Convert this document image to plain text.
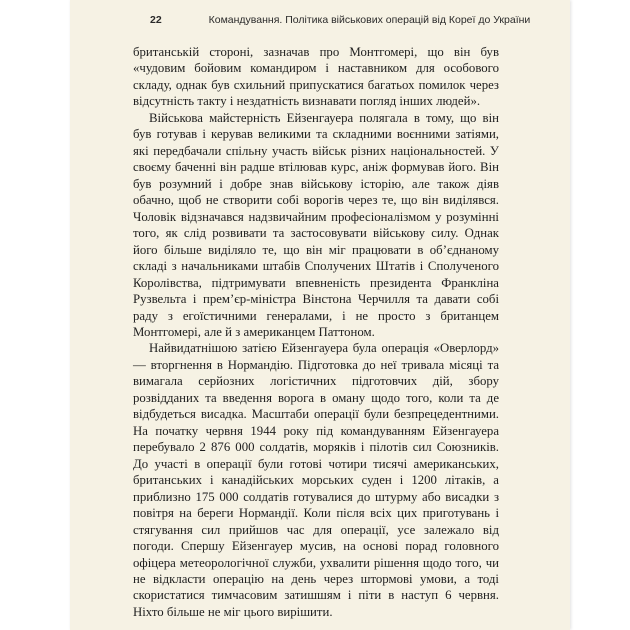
22	Командування. Політика військових операцій від Кореї до України

британській стороні, зазначав про Монтгомері, що він був «чудовим бойовим командиром і наставником для особового складу, однак був схильний припускатися багатьох помилок через відсутність такту і нездатність визнавати погляд інших людей».

Військова майстерність Ейзенгауера полягала в тому, що він був готував і керував великими та складними воєнними затіями, які передбачали спільну участь військ різних національностей. У своєму баченні він радше втілював курс, аніж формував його. Він був розумний і добре знав військову історію, але також діяв обачно, щоб не створити собі ворогів через те, що він виділявся. Чоловік відзначався надзвичайним професіоналізмом у розумінні того, як слід розвивати та застосовувати військову силу. Однак його більше виділяло те, що він міг працювати в об’єднаному складі з начальниками штабів Сполучених Штатів і Сполученого Королівства, підтримувати впевненість президента Франкліна Рузвельта і прем’єр-міністра Вінстона Черчилля та давати собі раду з егоїстичними генералами, і не просто з британцем Монтгомері, але й з американцем Паттоном.

Найвидатнішою затією Ейзенгауера була операція «Оверлорд» — вторгнення в Нормандію. Підготовка до неї тривала місяці та вимагала серйозних логістичних підготовчих дій, збору розвідданих та введення ворога в оману щодо того, коли та де відбудеться висадка. Масштаби операції були безпрецедентними. На початку червня 1944 року під командуванням Ейзенгауера перебувало 2 876 000 солдатів, моряків і пілотів сил Союзників. До участі в операції були готові чотири тисячі американських, британських і канадійських морських суден і 1200 літаків, а приблизно 175 000 солдатів готувалися до штурму або висадки з повітря на береги Нормандії. Коли після всіх цих приготувань і стягування сил прийшов час для операції, усе залежало від погоди. Спершу Ейзенгауер мусив, на основі порад головного офіцера метеорологічної служби, ухвалити рішення щодо того, чи не відкласти операцію на день через штормові умови, а тоді скористатися тимчасовим затишшям і піти в наступ 6 червня. Ніхто більше не міг цього вирішити.
